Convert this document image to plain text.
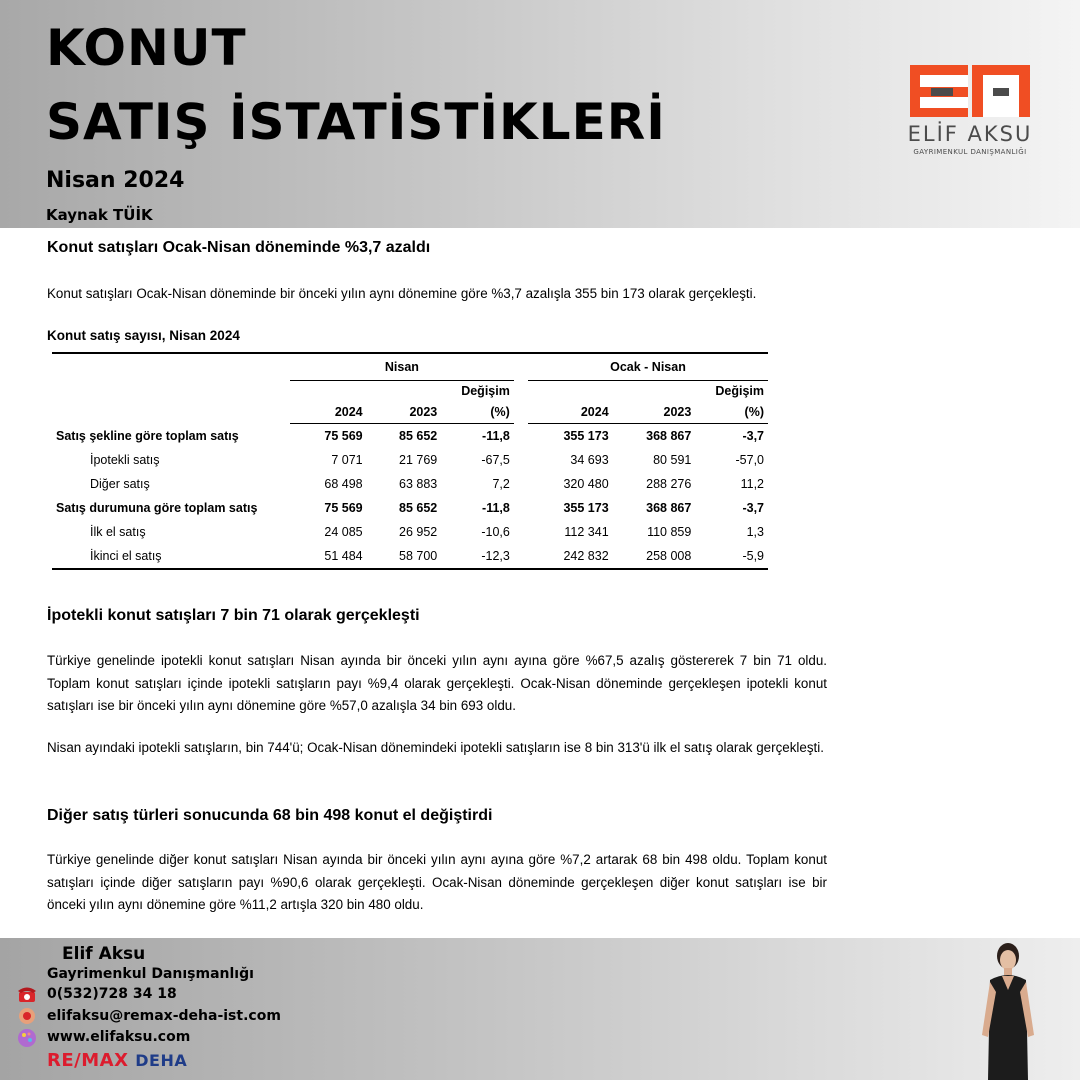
KONUT
SATIŞ İSTATİSTİKLERİ
Nisan 2024
Kaynak TÜİK
ELİF AKSU
GAYRIMENKUL DANIŞMANLIĞI
Konut satışları Ocak-Nisan döneminde %3,7 azaldı
Konut satışları Ocak-Nisan döneminde bir önceki yılın aynı dönemine göre %3,7 azalışla 355 bin 173 olarak gerçekleşti.
Konut satış sayısı, Nisan 2024
	Nisan				Ocak - Nisan		
			Değişim				Değişim
	2024	2023	(%)		2024	2023	(%)
Satış şekline göre toplam satış	75 569	85 652	-11,8		355 173	368 867	-3,7
İpotekli satış	7 071	21 769	-67,5		34 693	80 591	-57,0
Diğer satış	68 498	63 883	7,2		320 480	288 276	11,2
Satış durumuna göre toplam satış	75 569	85 652	-11,8		355 173	368 867	-3,7
İlk el satış	24 085	26 952	-10,6		112 341	110 859	1,3
İkinci el satış	51 484	58 700	-12,3		242 832	258 008	-5,9
İpotekli konut satışları 7 bin 71 olarak gerçekleşti
Türkiye genelinde ipotekli konut satışları Nisan ayında bir önceki yılın aynı ayına göre %67,5 azalış göstererek 7 bin 71 oldu. Toplam konut satışları içinde ipotekli satışların payı %9,4 olarak gerçekleşti. Ocak-Nisan döneminde gerçekleşen ipotekli konut satışları ise bir önceki yılın aynı dönemine göre %57,0 azalışla 34 bin 693 oldu.
Nisan ayındaki ipotekli satışların, bin 744'ü; Ocak-Nisan dönemindeki ipotekli satışların ise 8 bin 313'ü ilk el satış olarak gerçekleşti.
Diğer satış türleri sonucunda 68 bin 498 konut el değiştirdi
Türkiye genelinde diğer konut satışları Nisan ayında bir önceki yılın aynı ayına göre %7,2 artarak 68 bin 498 oldu. Toplam konut satışları içinde diğer satışların payı %90,6 olarak gerçekleşti. Ocak-Nisan döneminde gerçekleşen diğer konut satışları ise bir önceki yılın aynı dönemine göre %11,2 artışla 320 bin 480 oldu.
Elif Aksu
Gayrimenkul Danışmanlığı
0(532)728 34 18
elifaksu@remax-deha-ist.com
www.elifaksu.com
RE/MAX DEHA
